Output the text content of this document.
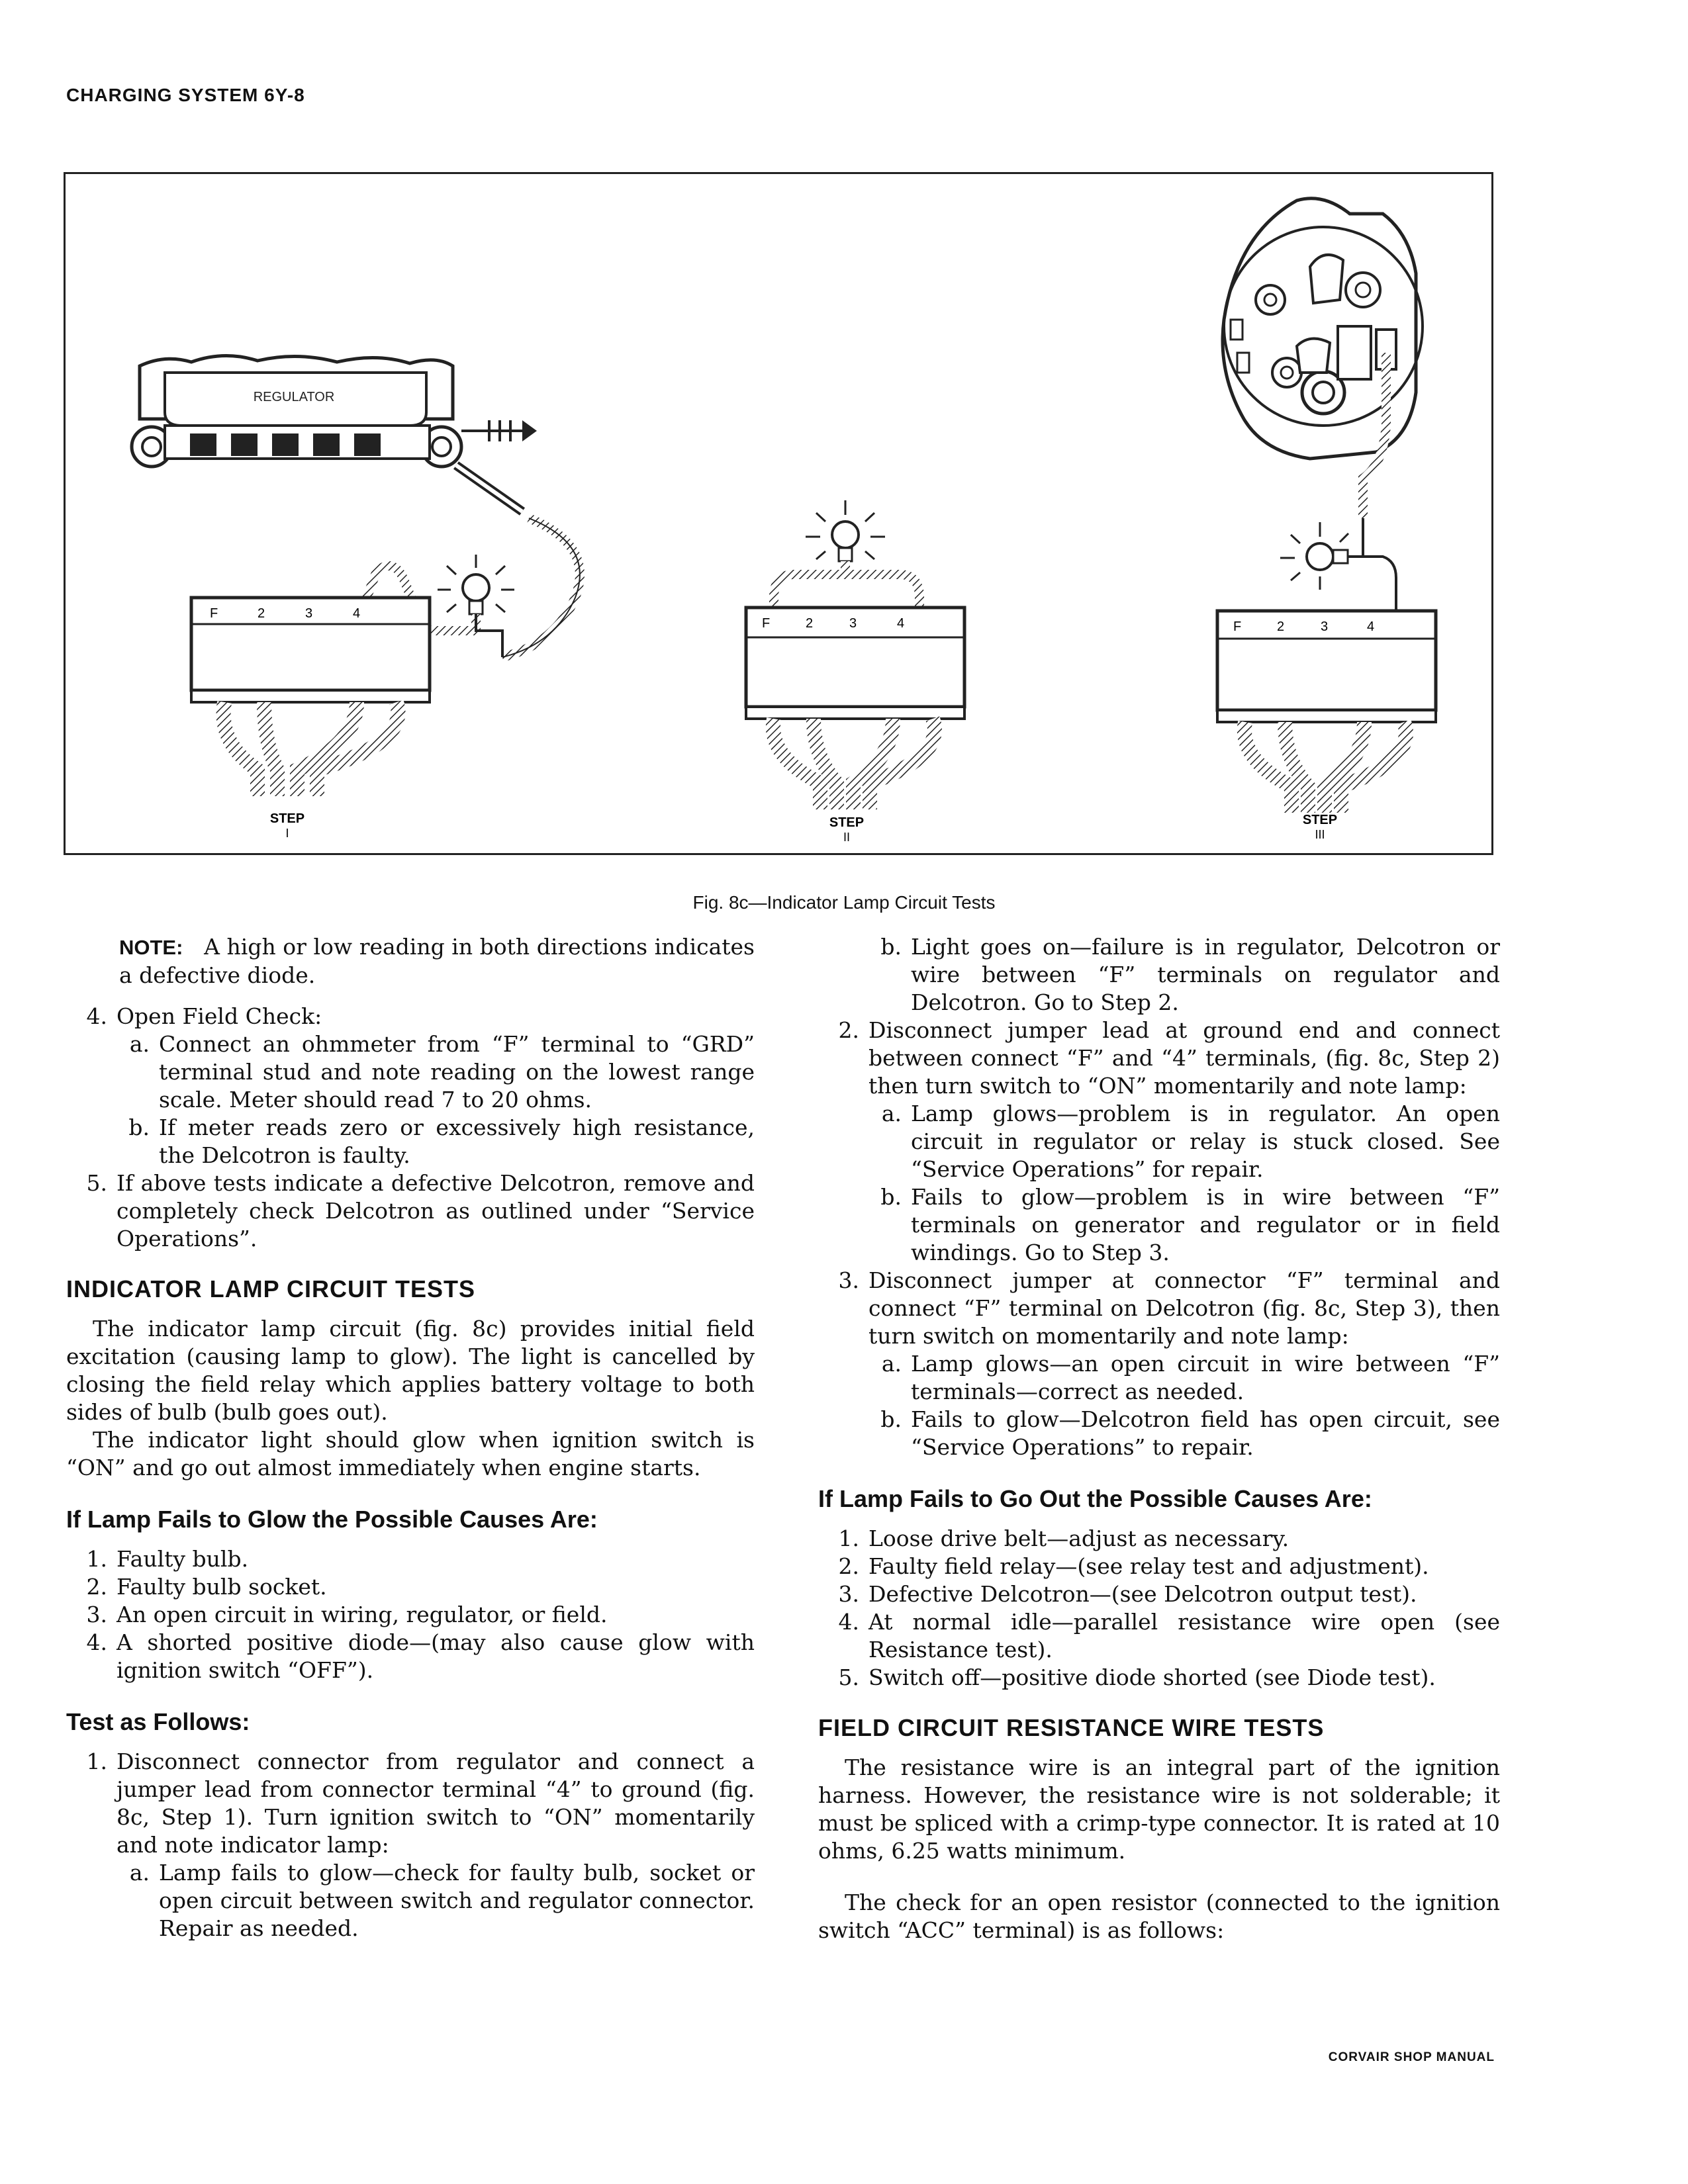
CHARGING SYSTEM 6Y-8
REGULATOR
F	2	3	4
STEP
I
F	2	3	4
STEP
II
F	2	3	4
STEP
III
Fig. 8c—Indicator Lamp Circuit Tests

NOTE: A high or low reading in both directions indicates a defective diode.

4. Open Field Check:
a. Connect an ohmmeter from “F” terminal to “GRD” terminal stud and note reading on the lowest range scale. Meter should read 7 to 20 ohms.
b. If meter reads zero or excessively high resistance, the Delcotron is faulty.
5. If above tests indicate a defective Delcotron, remove and completely check Delcotron as outlined under “Service Operations”.
INDICATOR LAMP CIRCUIT TESTS

The indicator lamp circuit (fig. 8c) provides initial field excitation (causing lamp to glow). The light is cancelled by closing the field relay which applies battery voltage to both sides of bulb (bulb goes out).

The indicator light should glow when ignition switch is “ON” and go out almost immediately when engine starts.

If Lamp Fails to Glow the Possible Causes Are:
1. Faulty bulb.
2. Faulty bulb socket.
3. An open circuit in wiring, regulator, or field.
4. A shorted positive diode—(may also cause glow with ignition switch “OFF”).
Test as Follows:
1. Disconnect connector from regulator and connect a jumper lead from connector terminal “4” to ground (fig. 8c, Step 1). Turn ignition switch to “ON” momentarily and note indicator lamp:
a. Lamp fails to glow—check for faulty bulb, socket or open circuit between switch and regulator connector. Repair as needed.
b. Light goes on—failure is in regulator, Delcotron or wire between “F” terminals on regulator and Delcotron. Go to Step 2.
2. Disconnect jumper lead at ground end and connect between connect “F” and “4” terminals, (fig. 8c, Step 2) then turn switch to “ON” momentarily and note lamp:
a. Lamp glows—problem is in regulator. An open circuit in regulator or relay is stuck closed. See “Service Operations” for repair.
b. Fails to glow—problem is in wire between “F” terminals on generator and regulator or in field windings. Go to Step 3.
3. Disconnect jumper at connector “F” terminal and connect “F” terminal on Delcotron (fig. 8c, Step 3), then turn switch on momentarily and note lamp:
a. Lamp glows—an open circuit in wire between “F” terminals—correct as needed.
b. Fails to glow—Delcotron field has open circuit, see “Service Operations” to repair.
If Lamp Fails to Go Out the Possible Causes Are:
1. Loose drive belt—adjust as necessary.
2. Faulty field relay—(see relay test and adjustment).
3. Defective Delcotron—(see Delcotron output test).
4. At normal idle—parallel resistance wire open (see Resistance test).
5. Switch off—positive diode shorted (see Diode test).
FIELD CIRCUIT RESISTANCE WIRE TESTS

The resistance wire is an integral part of the ignition harness. However, the resistance wire is not solderable; it must be spliced with a crimp-type connector. It is rated at 10 ohms, 6.25 watts minimum.

The check for an open resistor (connected to the ignition switch “ACC” terminal) is as follows:

CORVAIR SHOP MANUAL
